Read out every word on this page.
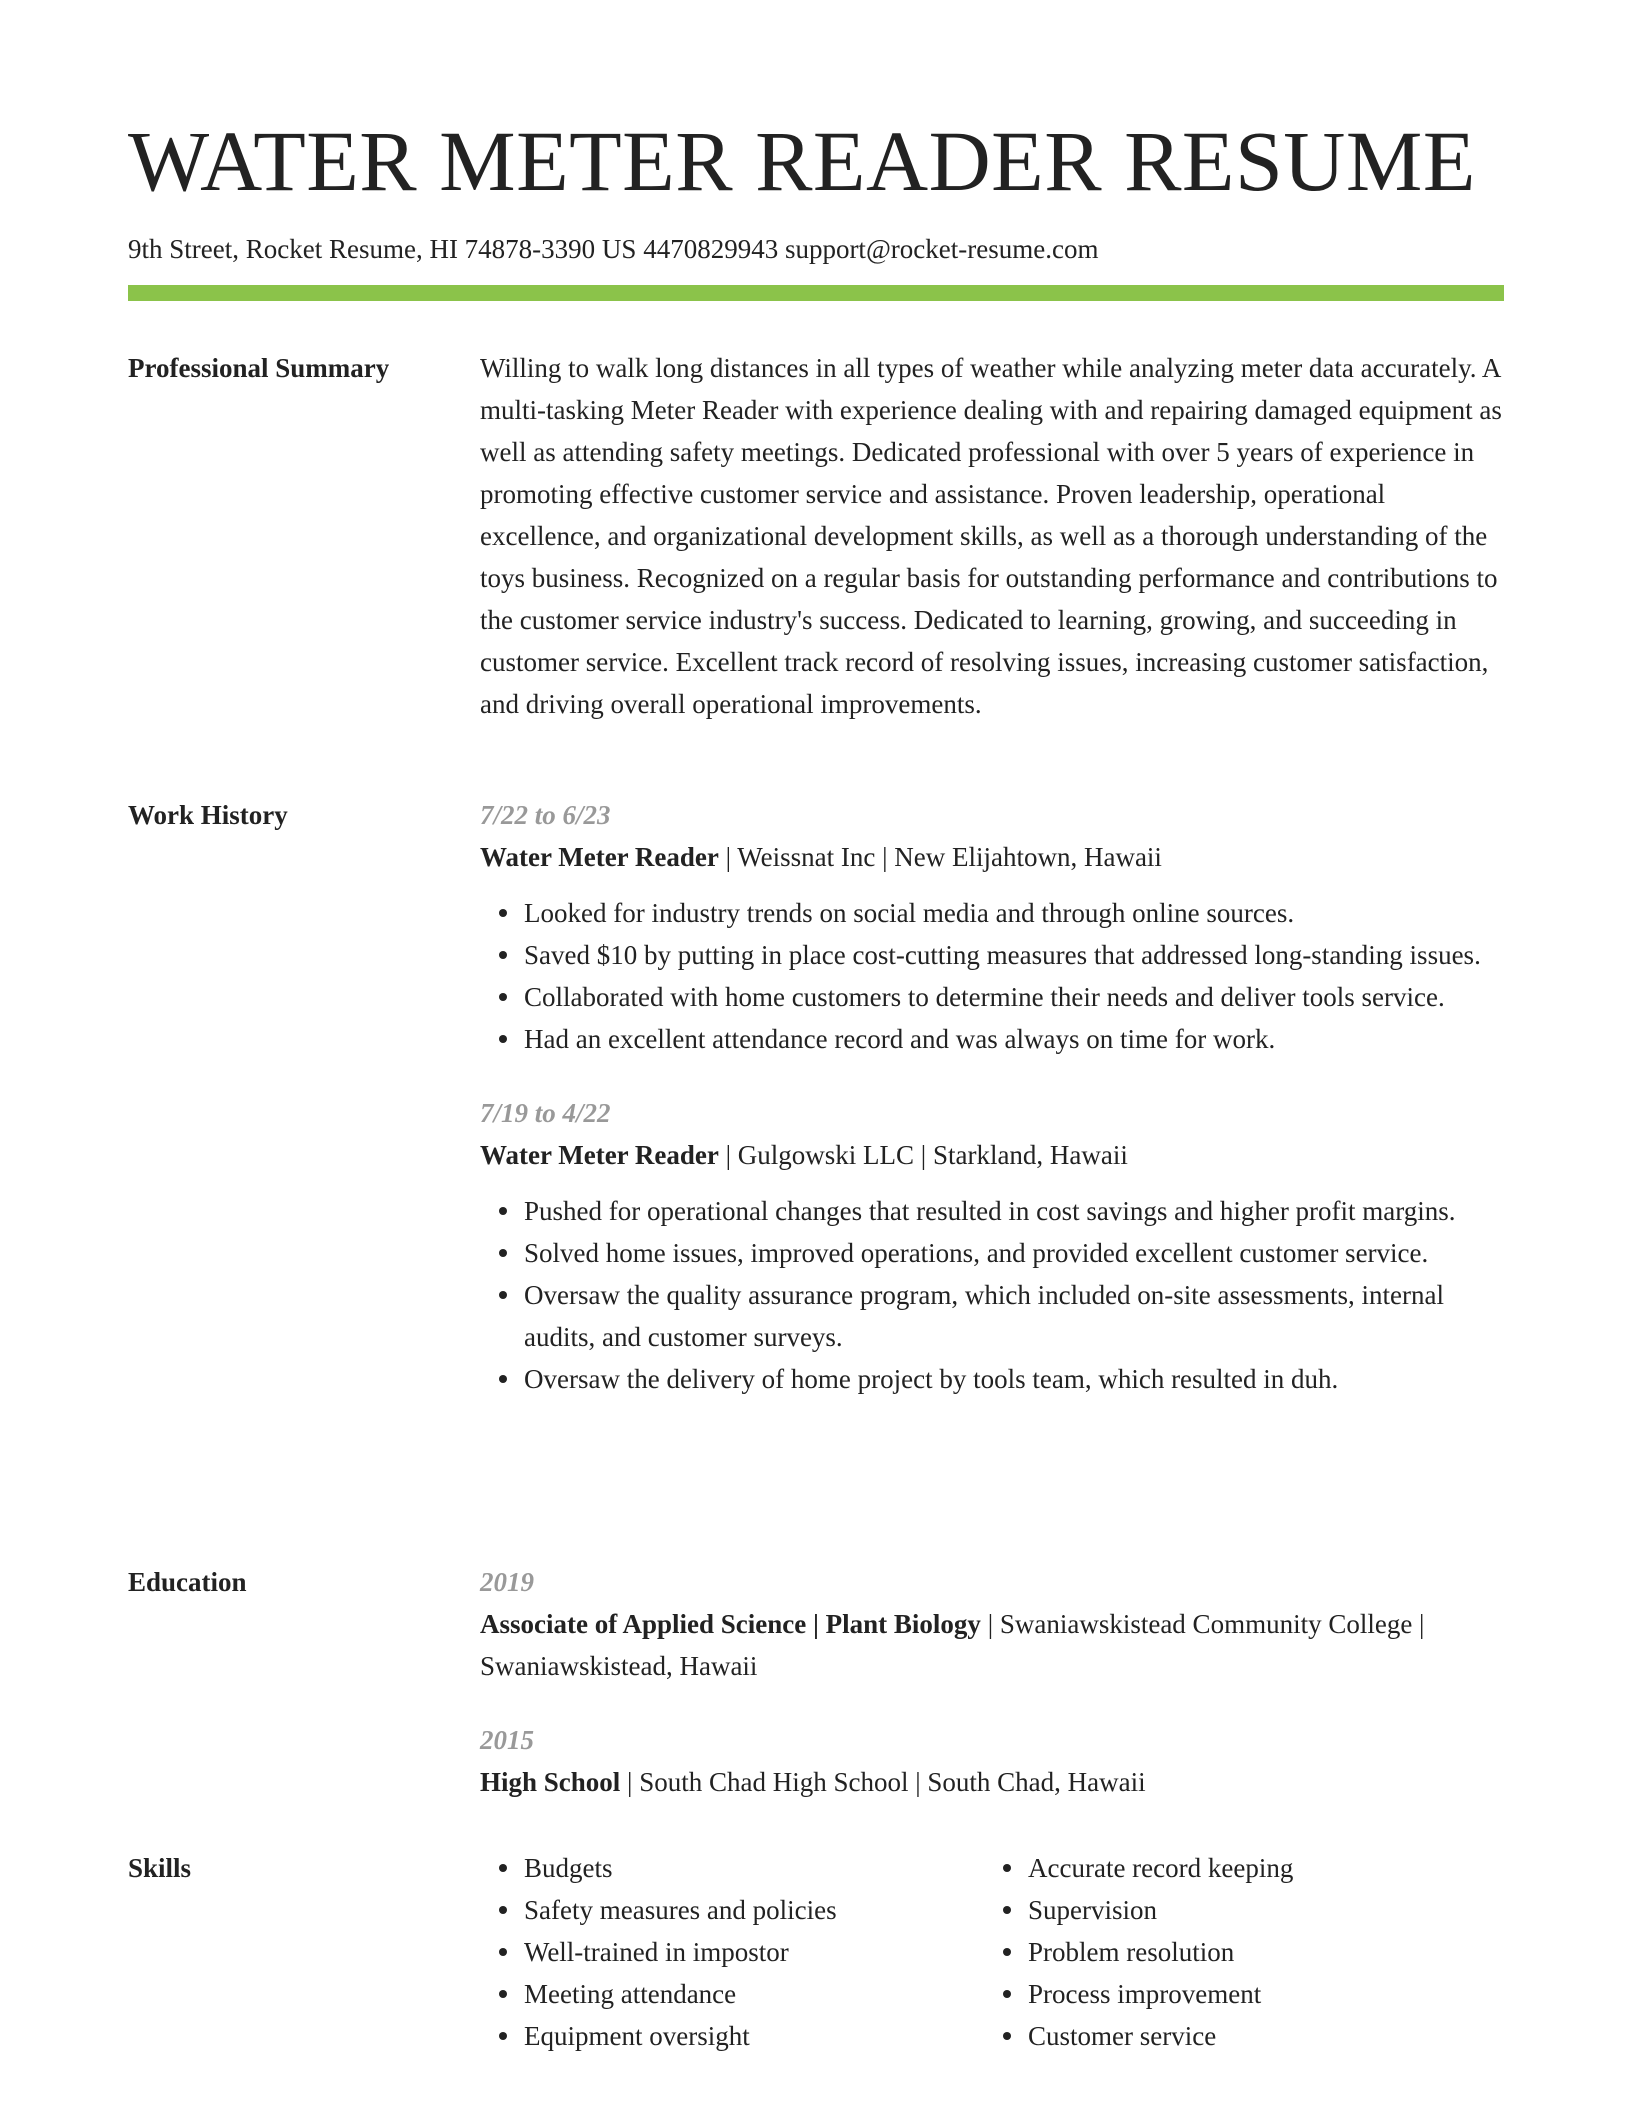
WATER METER READER RESUME
9th Street, Rocket Resume, HI 74878-3390 US 4470829943 support@rocket-resume.com
Professional Summary	Willing to walk long distances in all types of weather while analyzing meter data accurately. A multi-tasking Meter Reader with experience dealing with and repairing damaged equipment as well as attending safety meetings. Dedicated professional with over 5 years of experience in promoting effective customer service and assistance. Proven leadership, operational excellence, and organizational development skills, as well as a thorough understanding of the toys business. Recognized on a regular basis for outstanding performance and contributions to the customer service industry's success. Dedicated to learning, growing, and succeeding in customer service. Excellent track record of resolving issues, increasing customer satisfaction, and driving overall operational improvements.

Work History	7/22 to 6/23
Water Meter Reader | Weissnat Inc | New Elijahtown, Hawaii
Looked for industry trends on social media and through online sources.
Saved $10 by putting in place cost-cutting measures that addressed long-standing issues.
Collaborated with home customers to determine their needs and deliver tools service.
Had an excellent attendance record and was always on time for work.
7/19 to 4/22
Water Meter Reader | Gulgowski LLC | Starkland, Hawaii
Pushed for operational changes that resulted in cost savings and higher profit margins.
Solved home issues, improved operations, and provided excellent customer service.
Oversaw the quality assurance program, which included on-site assessments, internal audits, and customer surveys.
Oversaw the delivery of home project by tools team, which resulted in duh.
Education	2019
Associate of Applied Science | Plant Biology | Swaniawskistead Community College | Swaniawskistead, Hawaii
2015
High School | South Chad High School | South Chad, Hawaii
Skills	Budgets
Safety measures and policies
Well-trained in impostor
Meeting attendance
Equipment oversight
Accurate record keeping
Supervision
Problem resolution
Process improvement
Customer service
